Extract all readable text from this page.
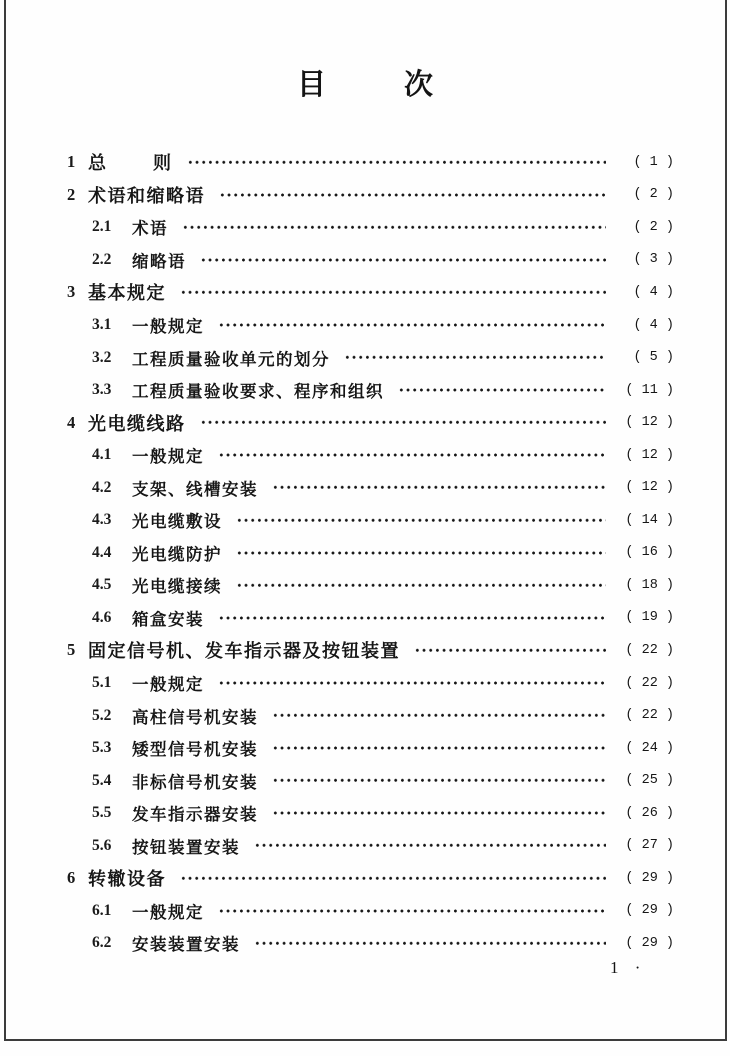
目	次
1 总       则	( 1 )
2 术语和缩略语	( 2 )
2.1	术语	( 2 )
2.2	缩略语	( 3 )
3 基本规定	( 4 )
3.1	一般规定	( 4 )
3.2	工程质量验收单元的划分	( 5 )
3.3	工程质量验收要求、程序和组织	( 11 )
4 光电缆线路	( 12 )
4.1	一般规定	( 12 )
4.2	支架、线槽安装	( 12 )
4.3	光电缆敷设	( 14 )
4.4	光电缆防护	( 16 )
4.5	光电缆接续	( 18 )
4.6	箱盒安装	( 19 )
5 固定信号机、发车指示器及按钮装置	( 22 )
5.1	一般规定	( 22 )
5.2	高柱信号机安装	( 22 )
5.3	矮型信号机安装	( 24 )
5.4	非标信号机安装	( 25 )
5.5	发车指示器安装	( 26 )
5.6	按钮装置安装	( 27 )
6 转辙设备	( 29 )
6.1	一般规定	( 29 )
6.2	安装装置安装	( 29 )
1 ·
